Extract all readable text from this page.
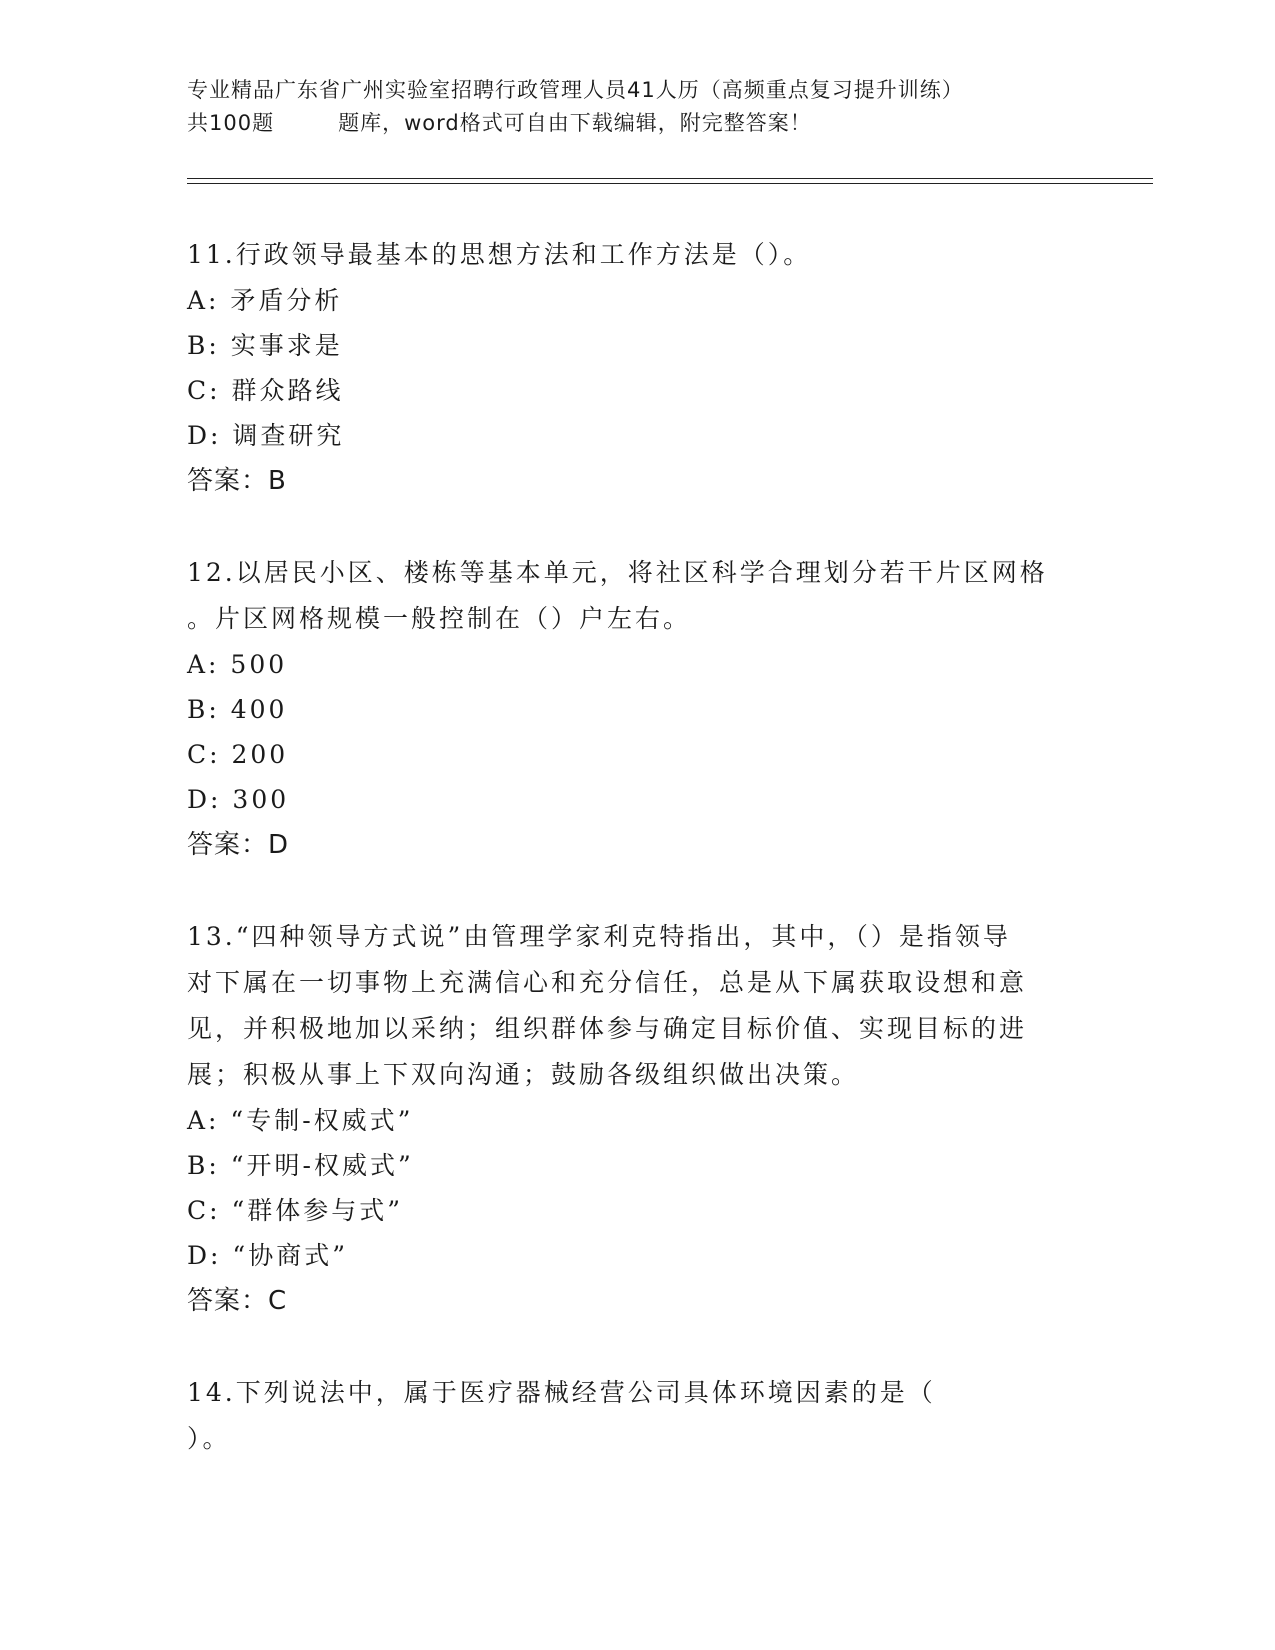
专业精品广东省广州实验室招聘行政管理人员41人历（高频重点复习提升训练）
共100题	题库，word格式可自由下载编辑，附完整答案！
11.行政领导最基本的思想方法和工作方法是（）。
A: 矛盾分析
B: 实事求是
C: 群众路线
D: 调查研究
答案：B
12.以居民小区、楼栋等基本单元，将社区科学合理划分若干片区网格
。片区网格规模一般控制在（）户左右。
A: 500
B: 400
C: 200
D: 300
答案：D
13.“四种领导方式说”由管理学家利克特指出，其中，（）是指领导
对下属在一切事物上充满信心和充分信任，总是从下属获取设想和意
见，并积极地加以采纳；组织群体参与确定目标价值、实现目标的进
展；积极从事上下双向沟通；鼓励各级组织做出决策。
A: “专制-权威式”
B: “开明-权威式”
C: “群体参与式”
D: “协商式”
答案：C
14.下列说法中，属于医疗器械经营公司具体环境因素的是（
）。
